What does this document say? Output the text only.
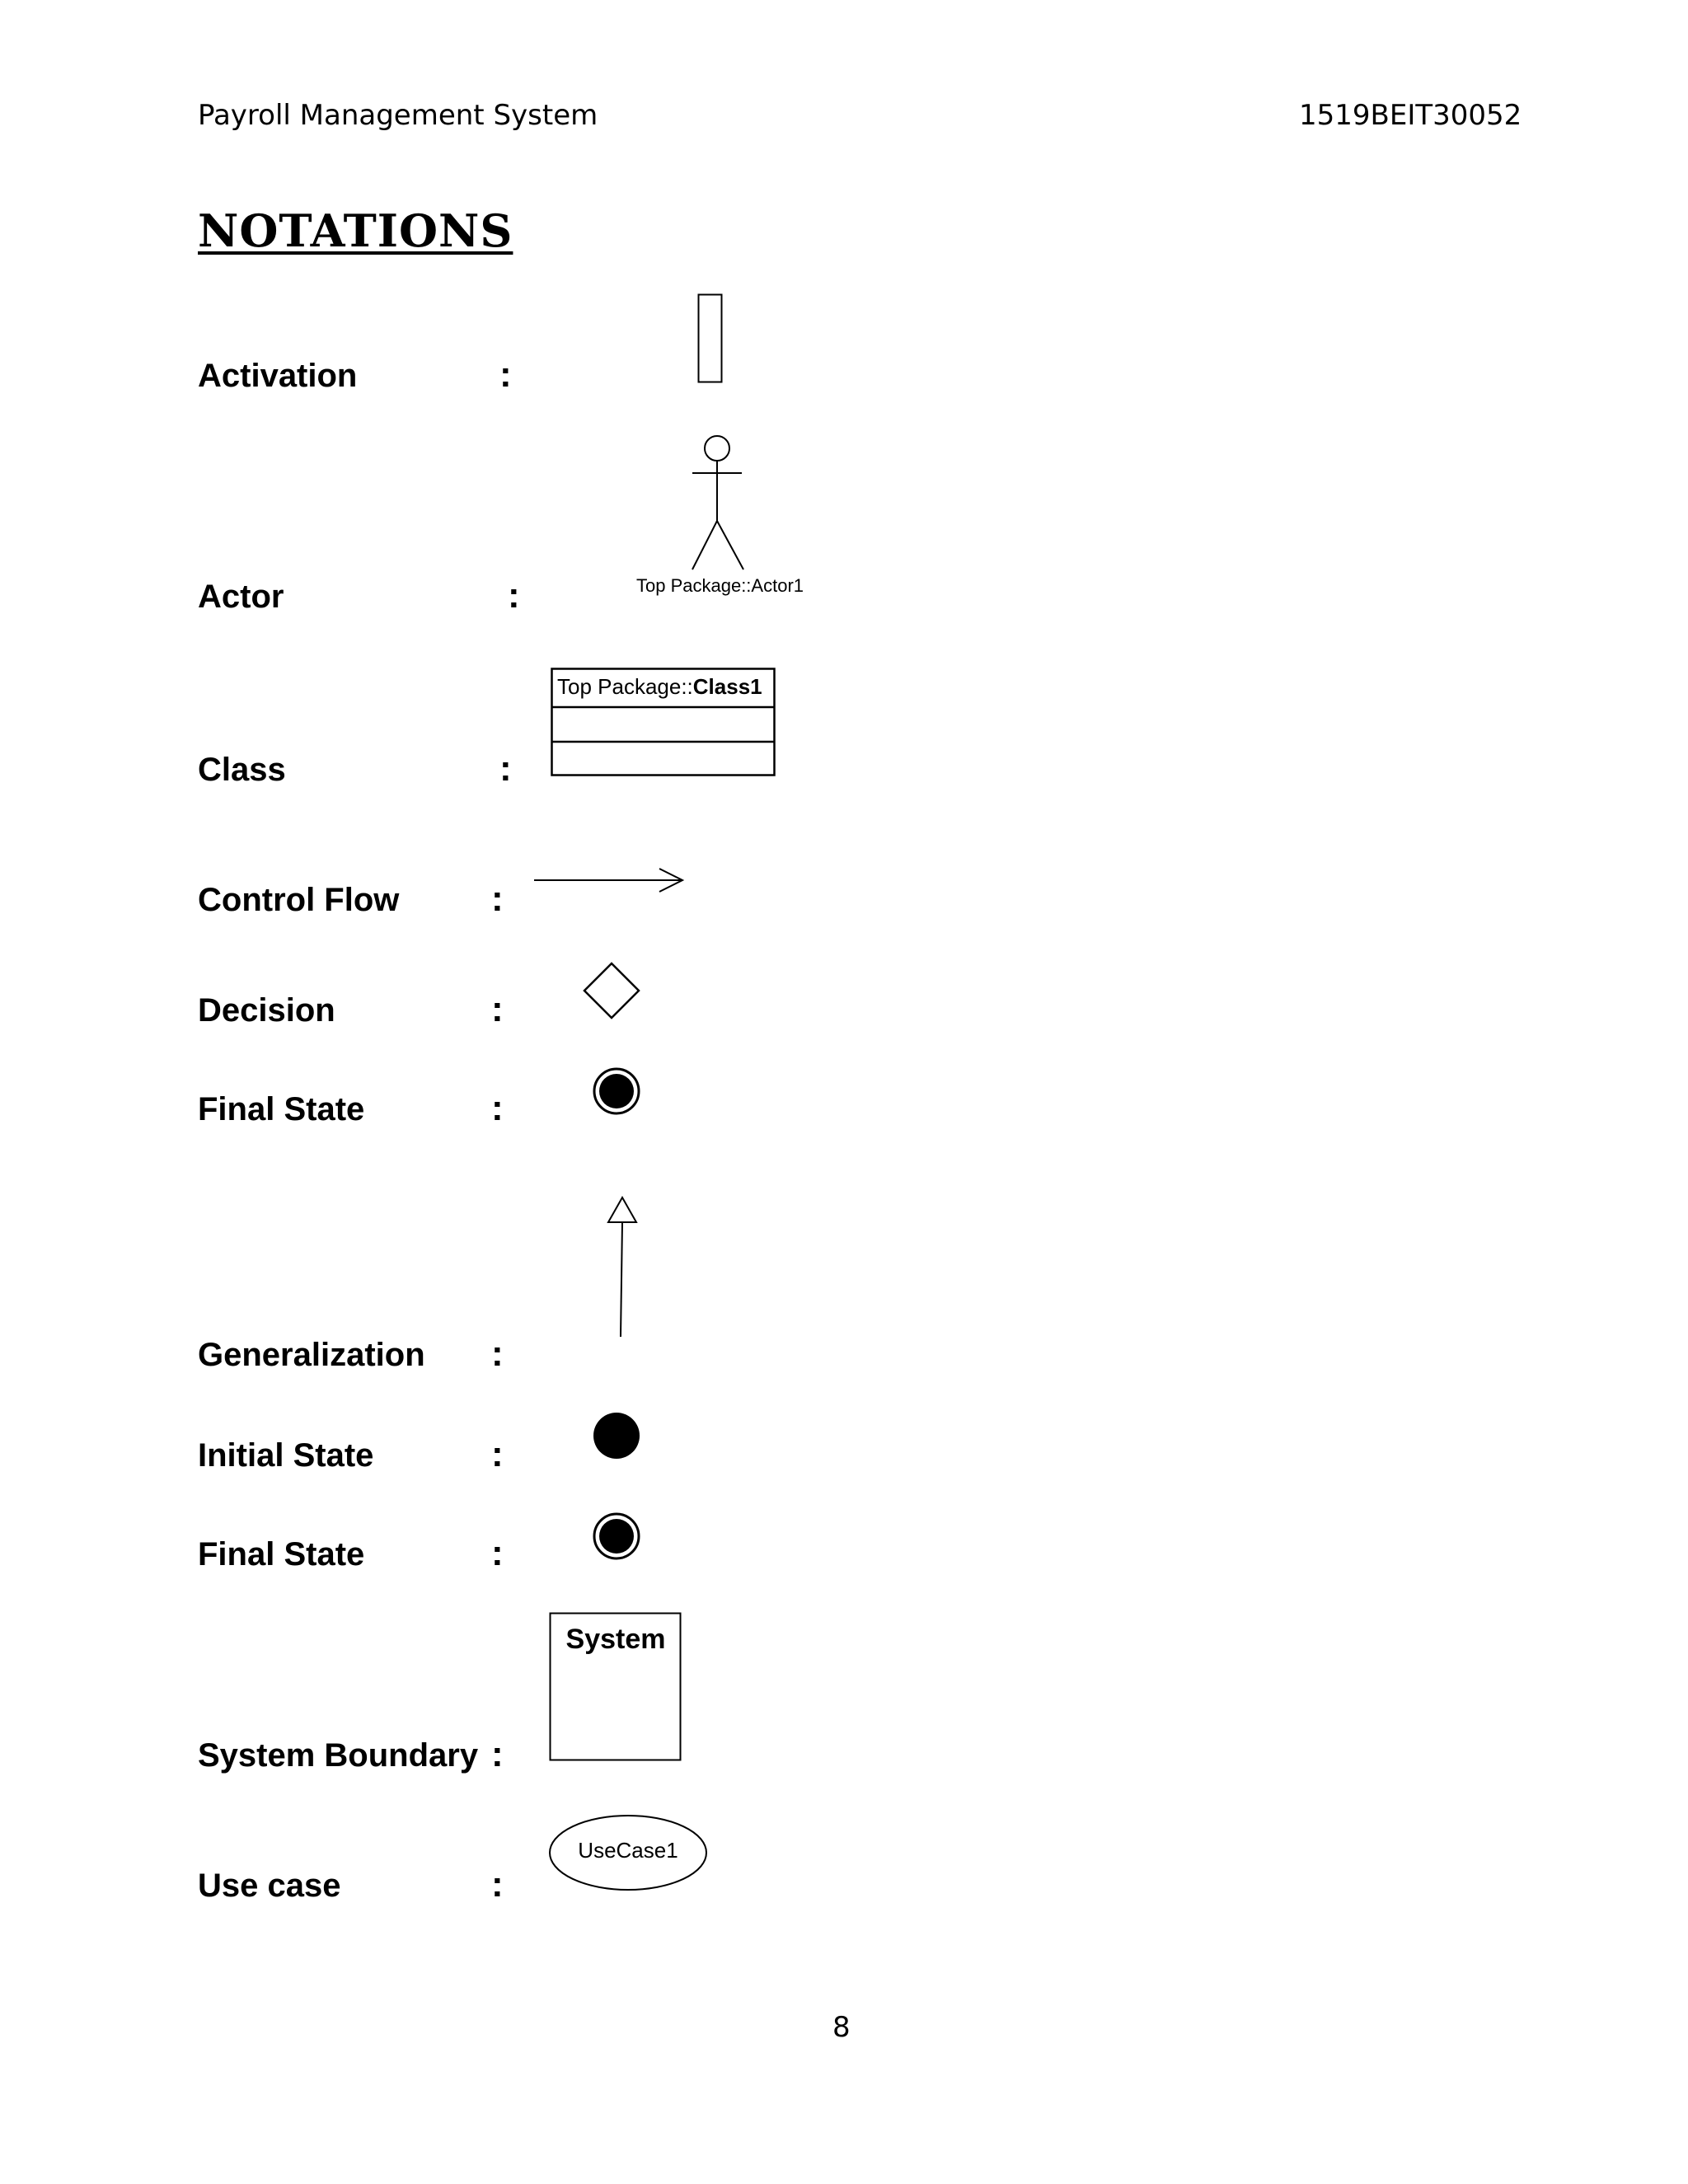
Payroll Management System	1519BEIT30052
NOTATIONS
Activation	:
Actor	:	Top Package::Actor1
Class	:
Top Package::Class1
Control Flow	:
Decision	:
Final State	:
Generalization :
Initial State	:
Final State	:
System Boundary :
System
Use case	:
UseCase1
8
